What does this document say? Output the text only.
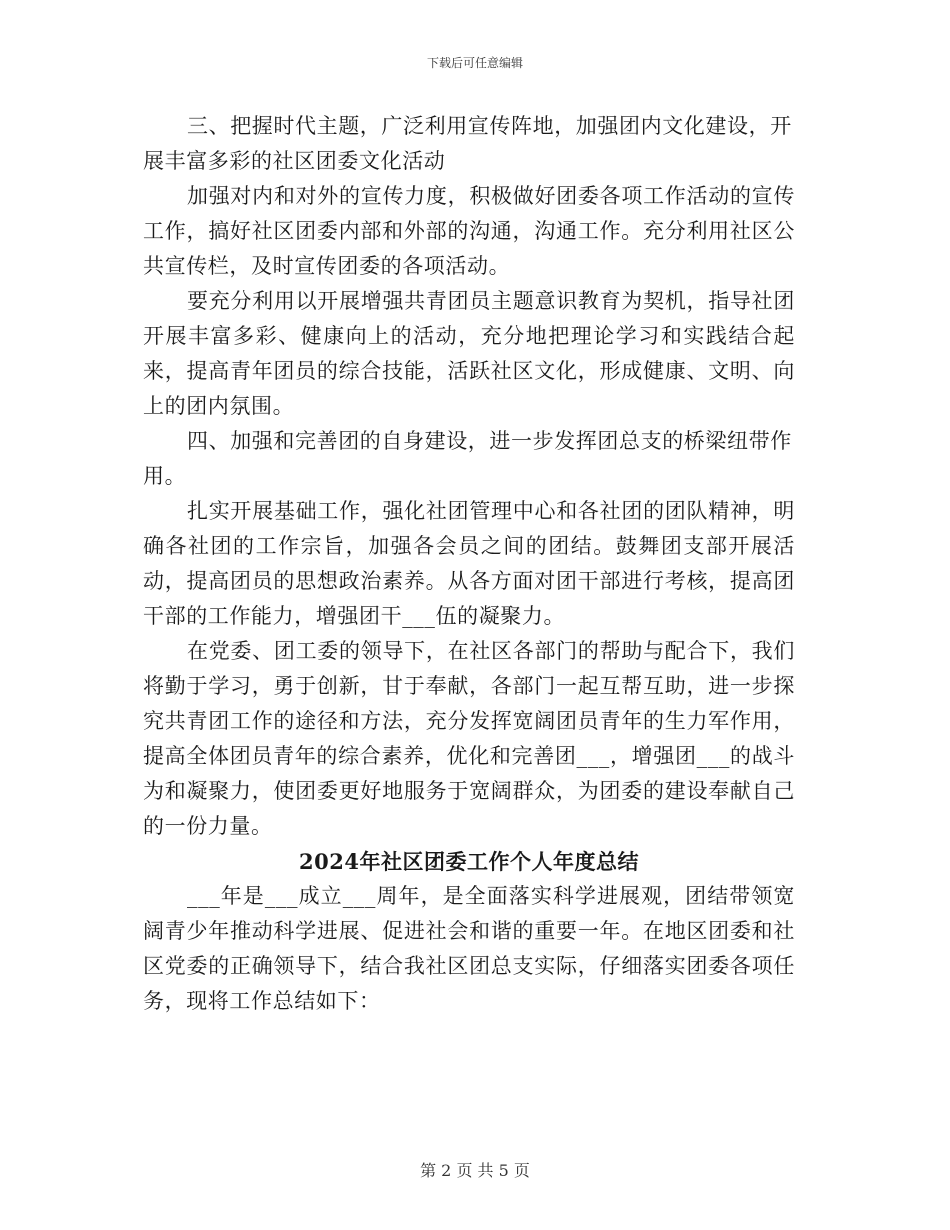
下载后可任意编辑

三、把握时代主题，广泛利用宣传阵地，加强团内文化建设，开展丰富多彩的社区团委文化活动

加强对内和对外的宣传力度，积极做好团委各项工作活动的宣传工作，搞好社区团委内部和外部的沟通，沟通工作。充分利用社区公共宣传栏，及时宣传团委的各项活动。

要充分利用以开展增强共青团员主题意识教育为契机，指导社团开展丰富多彩、健康向上的活动，充分地把理论学习和实践结合起来，提高青年团员的综合技能，活跃社区文化，形成健康、文明、向上的团内氛围。

四、加强和完善团的自身建设，进一步发挥团总支的桥梁纽带作用。

扎实开展基础工作，强化社团管理中心和各社团的团队精神，明确各社团的工作宗旨，加强各会员之间的团结。鼓舞团支部开展活动，提高团员的思想政治素养。从各方面对团干部进行考核，提高团干部的工作能力，增强团干___伍的凝聚力。

在党委、团工委的领导下，在社区各部门的帮助与配合下，我们将勤于学习，勇于创新，甘于奉献，各部门一起互帮互助，进一步探究共青团工作的途径和方法，充分发挥宽阔团员青年的生力军作用，提高全体团员青年的综合素养，优化和完善团___，增强团___的战斗为和凝聚力，使团委更好地服务于宽阔群众，为团委的建设奉献自己的一份力量。

2024年社区团委工作个人年度总结

___年是___成立___周年，是全面落实科学进展观，团结带领宽阔青少年推动科学进展、促进社会和谐的重要一年。在地区团委和社区党委的正确领导下，结合我社区团总支实际，仔细落实团委各项任务，现将工作总结如下：

第 2 页 共 5 页
